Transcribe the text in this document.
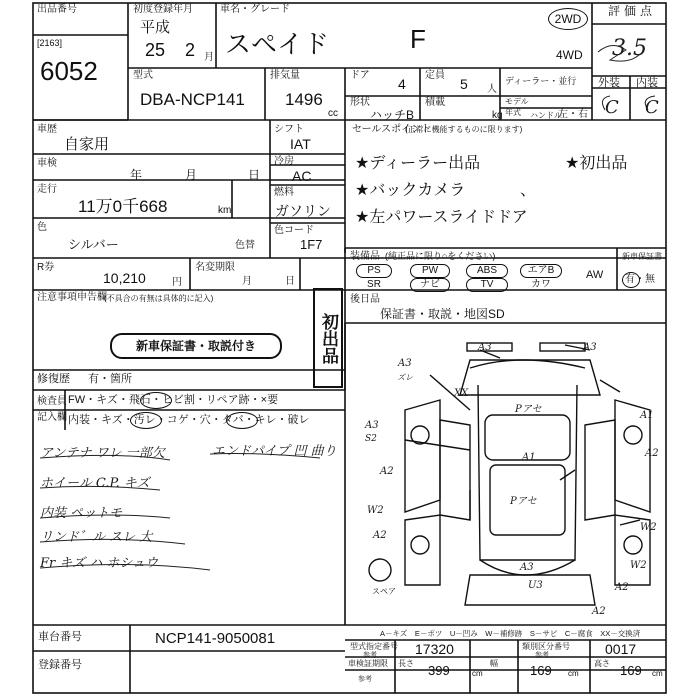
出品番号
[2163]
6052
初度登録年月
平成
25 2 月
車名・グレード
スペイド	F
2WD
4WD
評価点
3.5
外装 内装
C C
型式
DBA-NCP141
排気量
1496
cc
ドア
4
定員
5 人
ディーラー・並行
モデル年式	ハンドル
左・右
形状
ハッチB
積載
kg
車歴
自家用
車検
年	月	日
走行
11万0千668	km
色
シルバー	色替
シフト
IAT
冷房
AC
燃料
ガソリン
色コード
1F7
セールスポイント
(正常に機能するものに限ります)
★ディーラー出品	★初出品
★バックカメラ	、
★左パワースライドドア
R券
10,210	円
名変期限
月	日
装備品 (純正品に限り○をください)
PS	PW	ABS	エアB
SR	ナビ	TV	カワ
AW
新車保証書
有・無
注意事項申告欄
(不具合の有無は具体的に記入)
新車保証書・取説付き	初出品
修復歴 有・箇所
後日品
保証書・取説・地図SD
検査員
記入欄
FW・キズ・飛石・ヒビ割・リペア跡・×要
内装・キズ・汚レ・コゲ・穴・タバ・キレ・破レ
アンテナ ワレ 一部欠	エンドパイプ 凹 曲り
ホイール C.P. キズ
内装 ペットモ
リンド゛ル スレ 大
Fr キズ ハ ホシュウ
A3
ズレ
XX
A3	A3
Pアセ
A1
A1
A2
A2
Pアセ
W2
W2
A2
W2
A3
U3	A2
A3
S2
A2
スペア
A－キズ　E－ポツ　U－凹み　W－補修跡　S－サビ　C－腐食　XX－交換済
車台番号	NCP141-9050081
登録番号
型式指定番号
参考	17320	類別区分番号
参考	0017
車検証期限
参考
長さ 399	cm
幅 169 cm
高さ 169 cm
